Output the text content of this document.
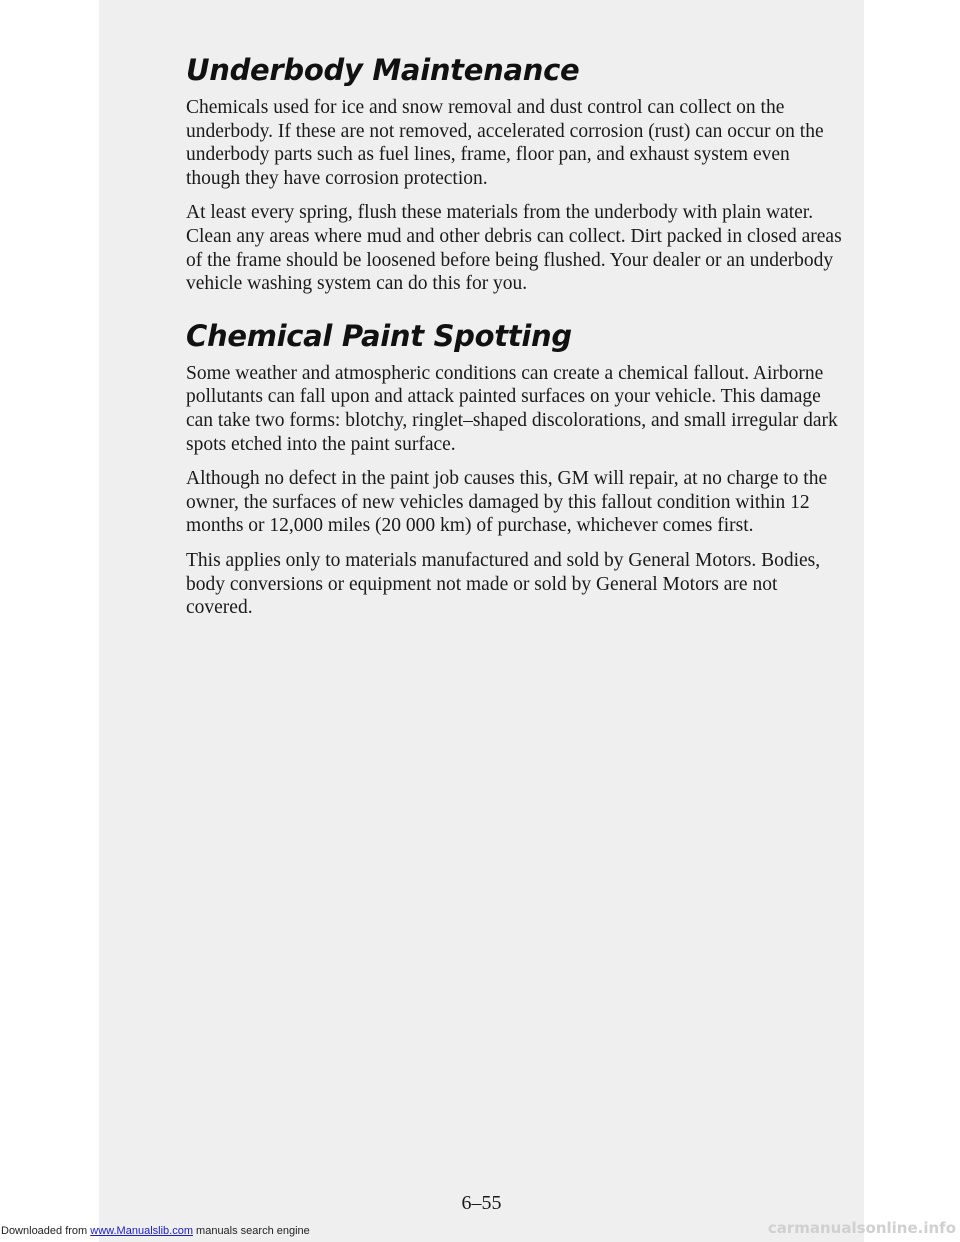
Underbody Maintenance

Chemicals used for ice and snow removal and dust control can collect on the underbody. If these are not removed, accelerated corrosion (rust) can occur on the underbody parts such as fuel lines, frame, floor pan, and exhaust system even though they have corrosion protection.

At least every spring, flush these materials from the underbody with plain water. Clean any areas where mud and other debris can collect. Dirt packed in closed areas of the frame should be loosened before being flushed. Your dealer or an underbody vehicle washing system can do this for you.

Chemical Paint Spotting

Some weather and atmospheric conditions can create a chemical fallout. Airborne pollutants can fall upon and attack painted surfaces on your vehicle. This damage can take two forms: blotchy, ringlet–shaped discolorations, and small irregular dark spots etched into the paint surface.

Although no defect in the paint job causes this, GM will repair, at no charge to the owner, the surfaces of new vehicles damaged by this fallout condition within 12 months or 12,000 miles (20 000 km) of purchase, whichever comes first.

This applies only to materials manufactured and sold by General Motors. Bodies, body conversions or equipment not made or sold by General Motors are not covered.

6–55
Downloaded from www.Manualslib.com manuals search engine	carmanualsonline.info
